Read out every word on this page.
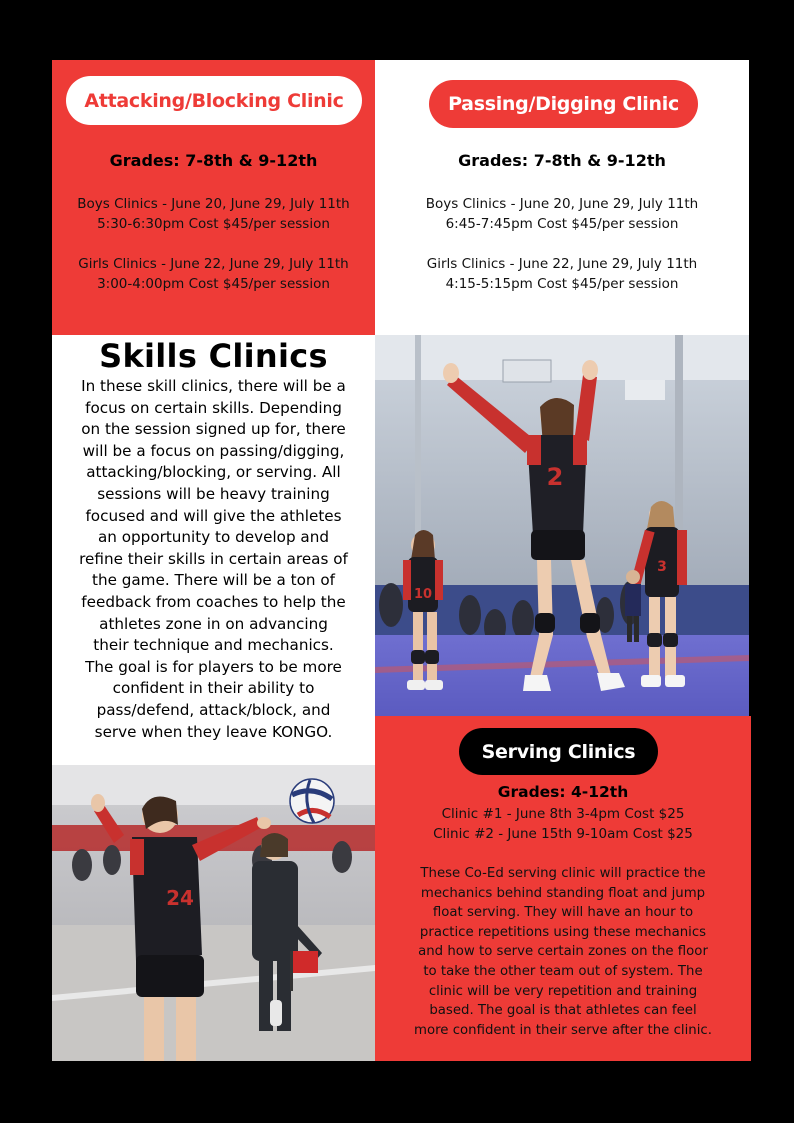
Attacking/Blocking Clinic
Grades: 7-8th & 9-12th
Boys Clinics - June 20, June 29, July 11th
5:30-6:30pm Cost $45/per session
Girls Clinics - June 22, June 29, July 11th
3:00-4:00pm Cost $45/per session
Passing/Digging Clinic
Grades: 7-8th & 9-12th
Boys Clinics - June 20, June 29, July 11th
6:45-7:45pm Cost $45/per session
Girls Clinics - June 22, June 29, July 11th
4:15-5:15pm Cost $45/per session
Skills Clinics
In these skill clinics, there will be a
focus on certain skills. Depending
on the session signed up for, there
will be a focus on passing/digging,
attacking/blocking, or serving. All
sessions will be heavy training
focused and will give the athletes
an opportunity to develop and
refine their skills in certain areas of
the game. There will be a ton of
feedback from coaches to help the
athletes zone in on advancing
their technique and mechanics.
The goal is for players to be more
confident in their ability to
pass/defend, attack/block, and
serve when they leave KONGO.
10
3
2
24
Serving Clinics
Grades: 4-12th
Clinic #1 - June 8th 3-4pm Cost $25
Clinic #2 - June 15th 9-10am Cost $25
These Co-Ed serving clinic will practice the
mechanics behind standing float and jump
float serving. They will have an hour to
practice repetitions using these mechanics
and how to serve certain zones on the floor
to take the other team out of system. The
clinic will be very repetition and training
based. The goal is that athletes can feel
more confident in their serve after the clinic.
